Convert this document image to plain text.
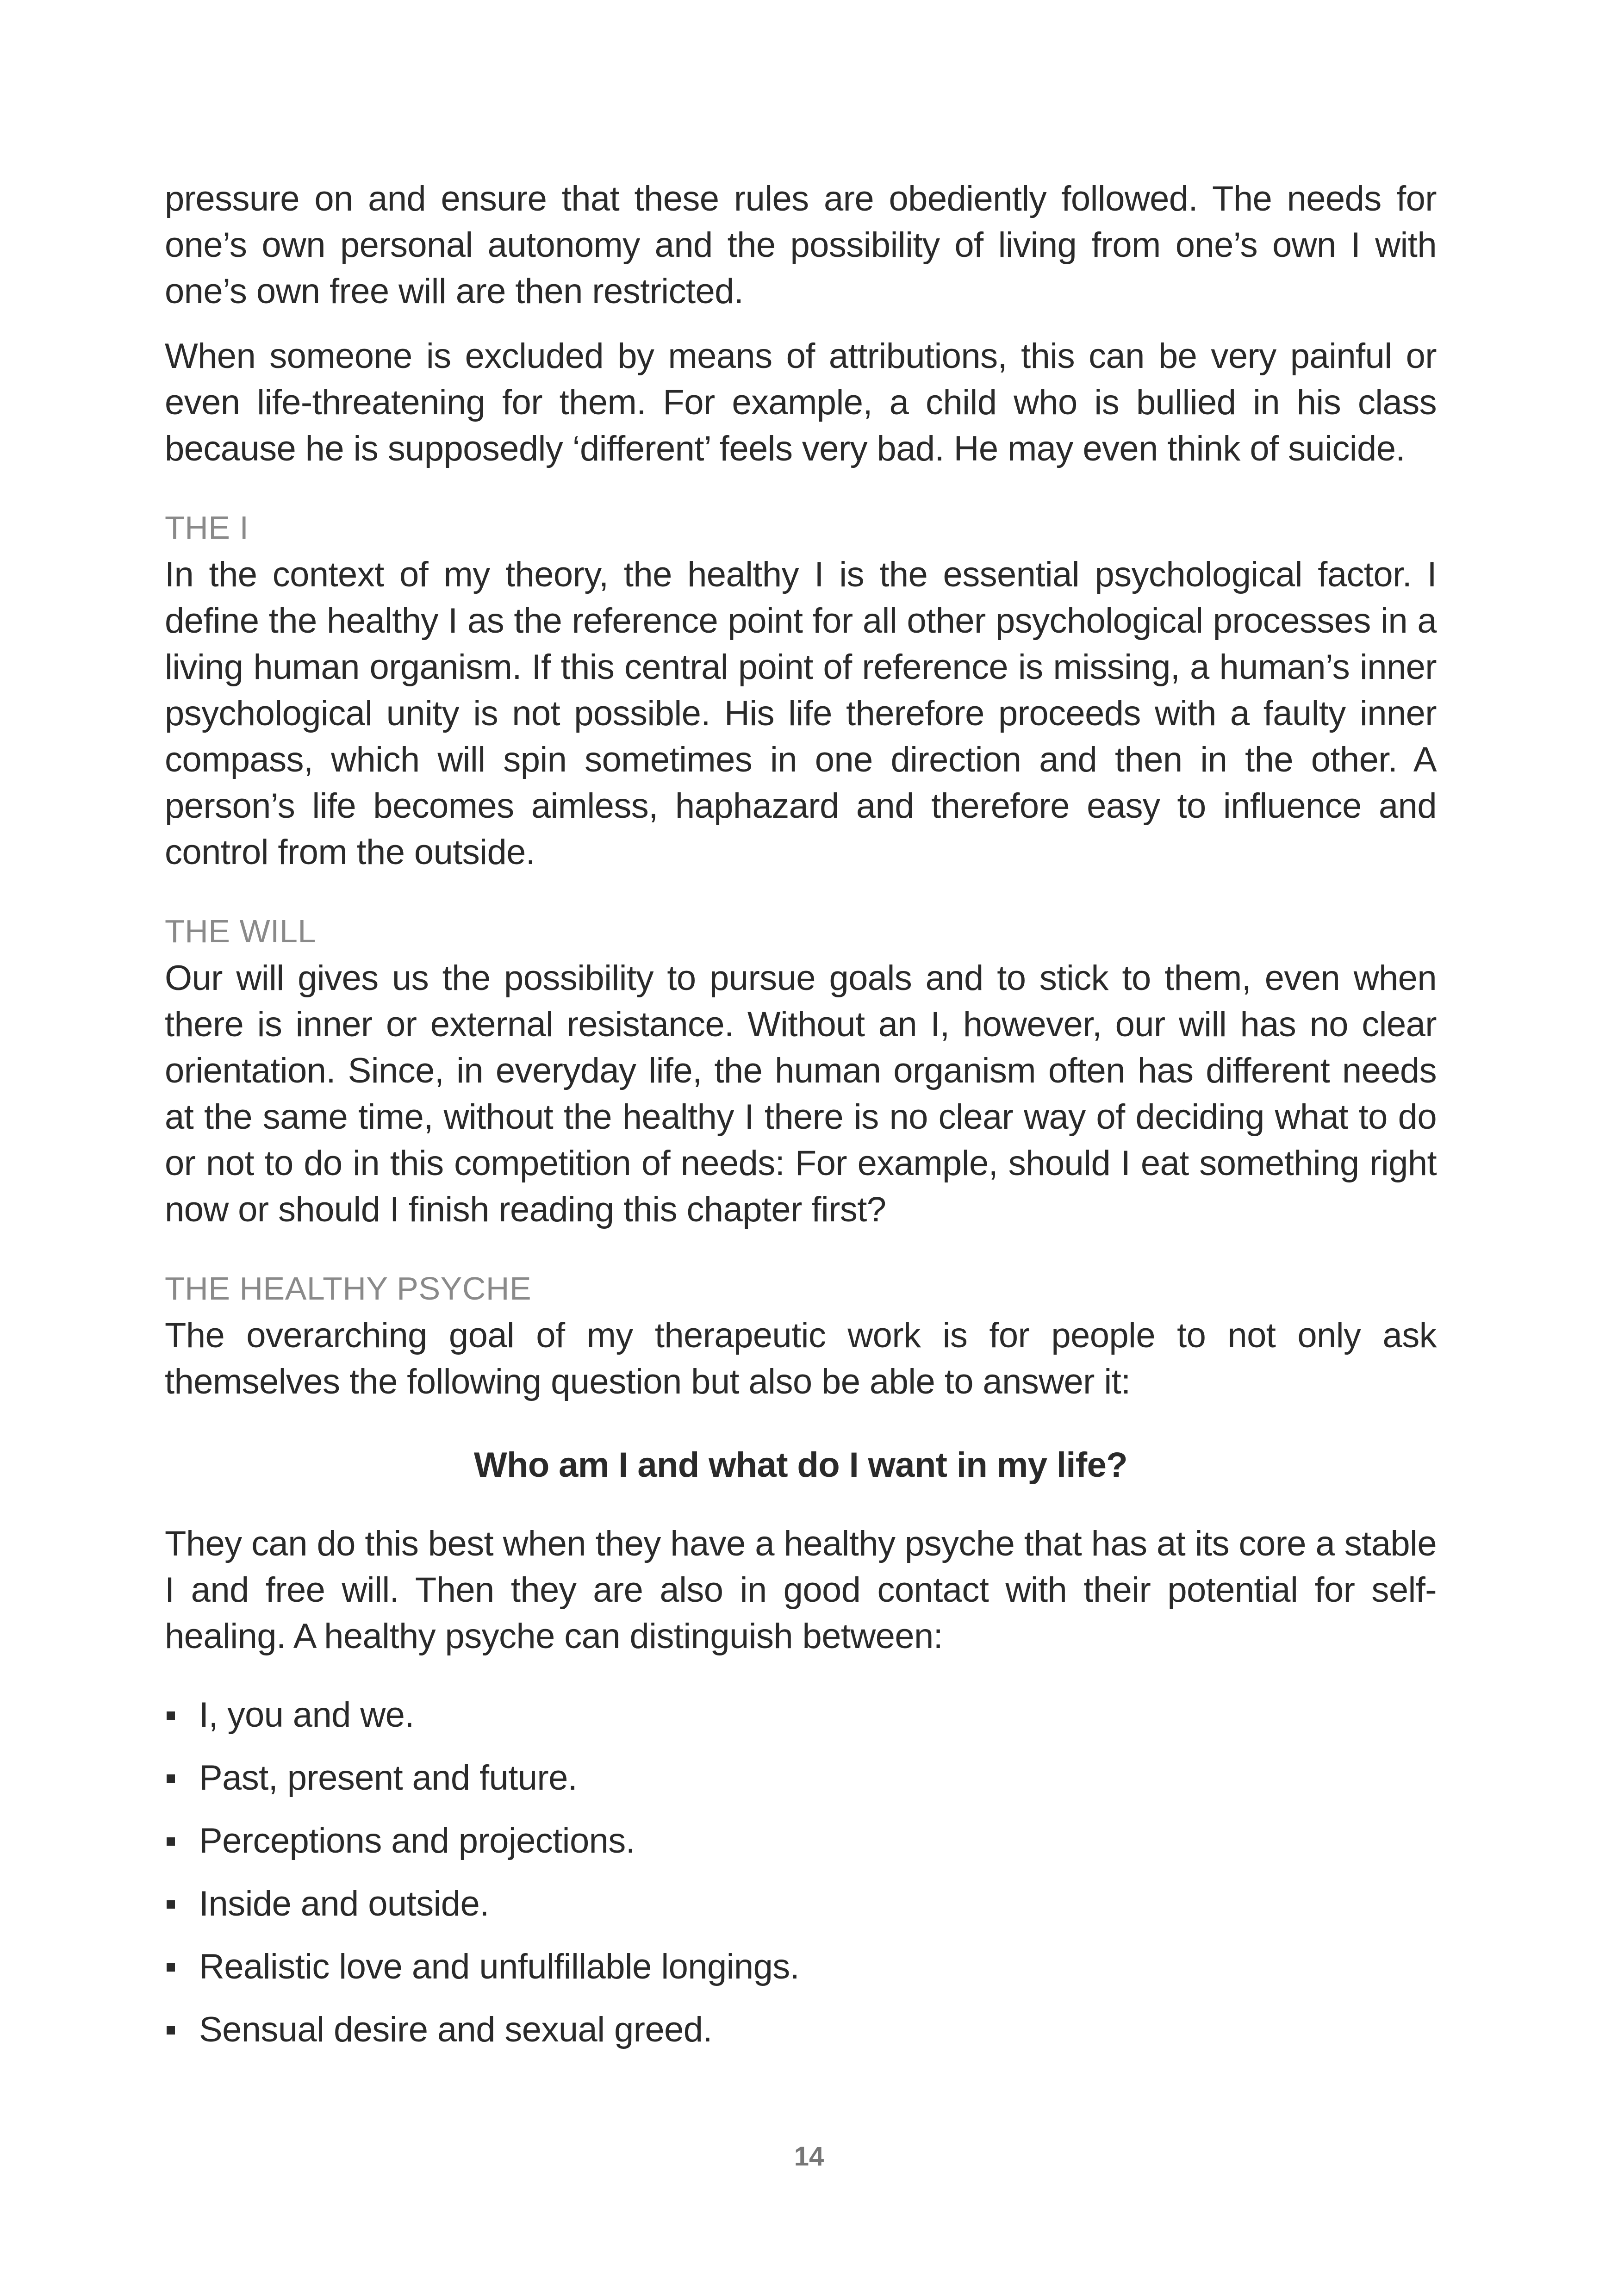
pressure on and ensure that these rules are obediently followed. The needs for one’s own personal autonomy and the possibility of living from one’s own I with one’s own free will are then restricted.

When someone is excluded by means of attributions, this can be very painful or even life-threatening for them. For example, a child who is bullied in his class because he is supposedly ‘different’ feels very bad. He may even think of suicide.

THE I

In the context of my theory, the healthy I is the essential psychological factor. I define the healthy I as the reference point for all other psychological processes in a living human organism. If this central point of reference is missing, a human’s inner psychological unity is not possible. His life therefore proceeds with a faulty inner compass, which will spin sometimes in one direction and then in the other. A person’s life becomes aimless, haphazard and therefore easy to influence and control from the outside.

THE WILL

Our will gives us the possibility to pursue goals and to stick to them, even when there is inner or external resistance. Without an I, however, our will has no clear orientation. Since, in everyday life, the human organism often has different needs at the same time, without the healthy I there is no clear way of deciding what to do or not to do in this competition of needs: For example, should I eat something right now or should I finish reading this chapter first?

THE HEALTHY PSYCHE

The overarching goal of my therapeutic work is for people to not only ask themselves the following question but also be able to answer it:

Who am I and what do I want in my life?

They can do this best when they have a healthy psyche that has at its core a stable I and free will. Then they are also in good contact with their potential for self-healing. A healthy psyche can distinguish between:

I, you and we.
Past, present and future.
Perceptions and projections.
Inside and outside.
Realistic love and unfulfillable longings.
Sensual desire and sexual greed.
14
